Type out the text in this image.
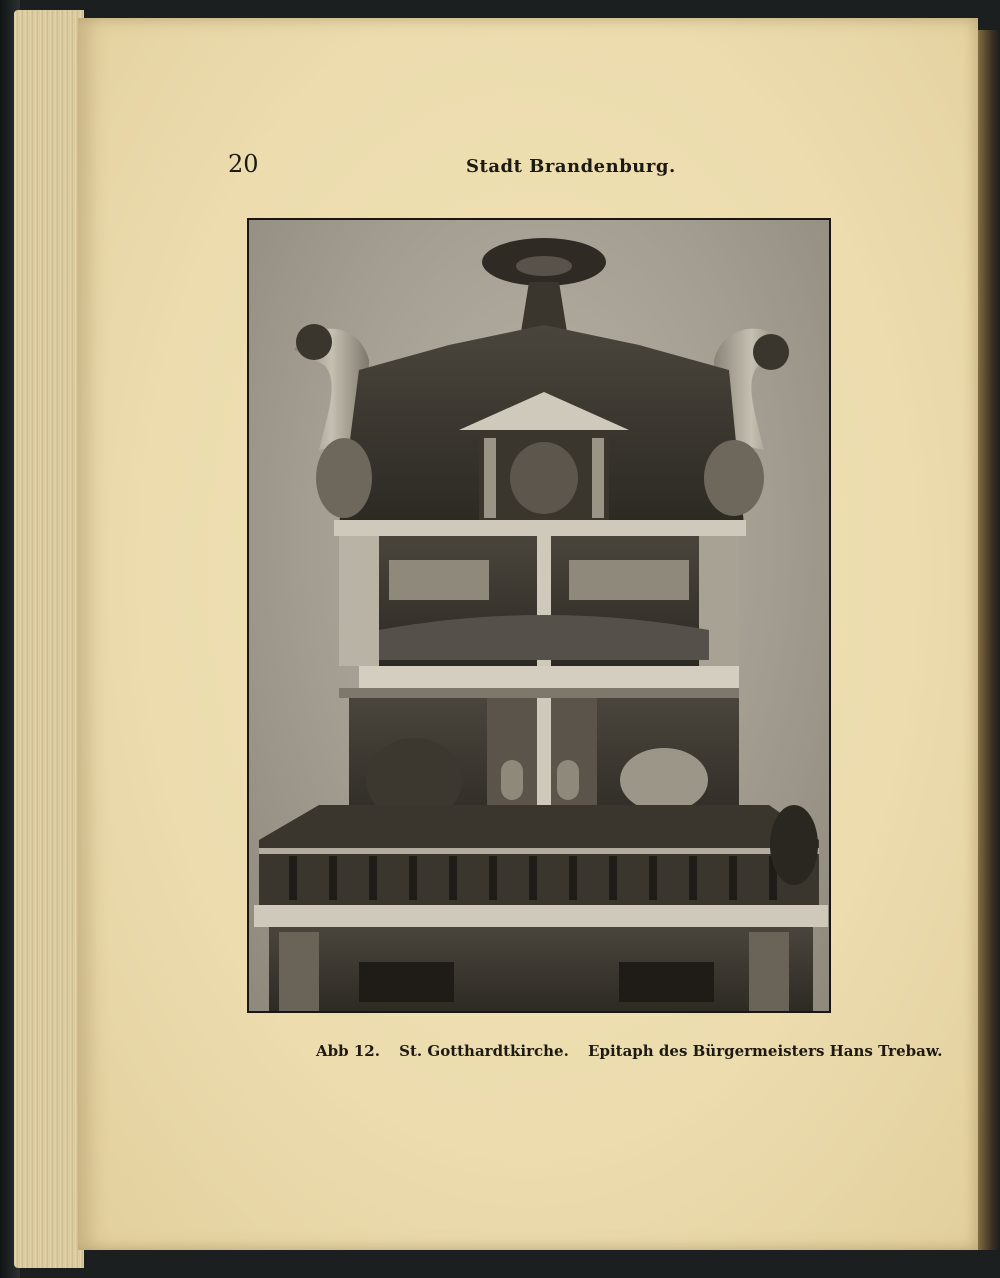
20	Stadt Brandenburg.
Abb 12. St. Gotthardtkirche. Epitaph des Bürgermeisters Hans Trebaw.
